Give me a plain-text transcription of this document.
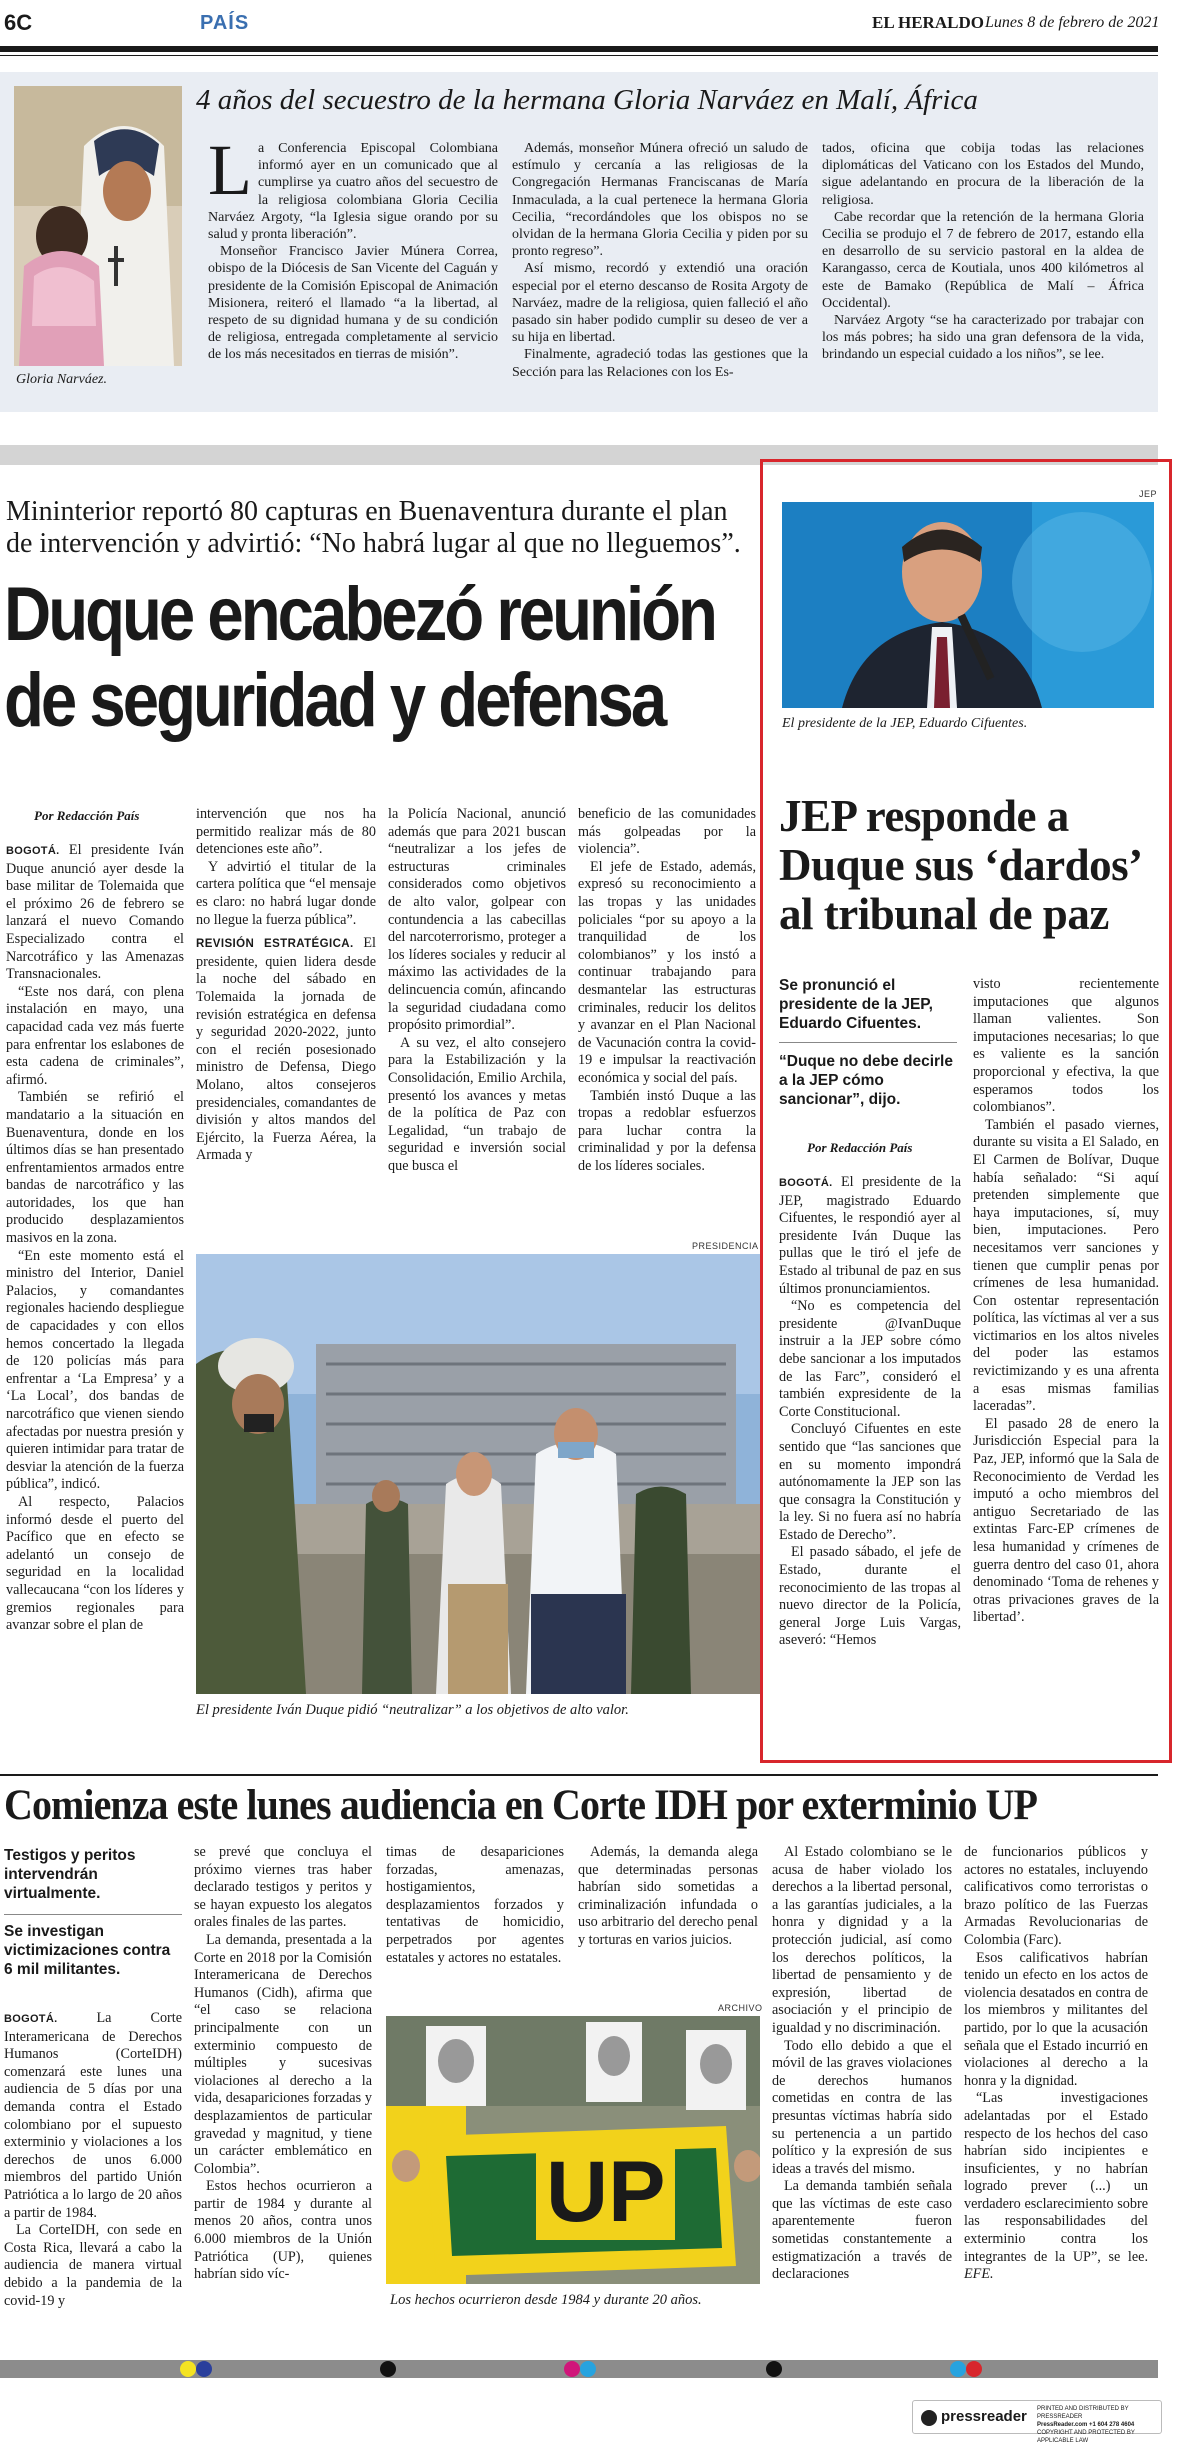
6C	PAÍS	EL HERALDO Lunes 8 de febrero de 2021
Gloria Narváez.
4 años del secuestro de la hermana Gloria Narváez en Malí, África

La Conferencia Episcopal Colombiana informó ayer en un comunicado que al cumplirse ya cuatro años del secuestro de la religiosa colombiana Gloria Cecilia Narváez Argoty, “la Iglesia sigue orando por su salud y pronta liberación”.

Monseñor Francisco Javier Múnera Correa, obispo de la Diócesis de San Vicente del Caguán y presidente de la Comisión Episcopal de Animación Misionera, reiteró el llamado “a la libertad, al respeto de su dignidad humana y de su condición de religiosa, entregada completamente al servicio de los más necesitados en tierras de misión”.

Además, monseñor Múnera ofreció un saludo de estímulo y cercanía a las religiosas de la Congregación Hermanas Franciscanas de María Inmaculada, a la cual pertenece la hermana Gloria Cecilia, “recordándoles que los obispos no se olvidan de la hermana Gloria Cecilia y piden por su pronto regreso”.

Así mismo, recordó y extendió una oración especial por el eterno descanso de Rosita Argoty de Narváez, madre de la religiosa, quien falleció el año pasado sin haber podido cumplir su deseo de ver a su hija en libertad.

Finalmente, agradeció todas las gestiones que la Sección para las Relaciones con los Es-

tados, oficina que cobija todas las relaciones diplomáticas del Vaticano con los Estados del Mundo, sigue adelantando en procura de la liberación de la religiosa.

Cabe recordar que la retención de la hermana Gloria Cecilia se produjo el 7 de febrero de 2017, estando ella en desarrollo de su servicio pastoral en la aldea de Karangasso, cerca de Koutiala, unos 400 kilómetros al este de Bamako (República de Malí – África Occidental).

Narváez Argoty “se ha caracterizado por trabajar con los más pobres; ha sido una gran defensora de la vida, brindando un especial cuidado a los niños”, se lee.

Mininterior reportó 80 capturas en Buenaventura durante el plan de intervención y advirtió: “No habrá lugar al que no lleguemos”.
Duque encabezó reunión
de seguridad y defensa
Por Redacción País

BOGOTÁ. El presidente Iván Duque anunció ayer desde la base militar de Tolemaida que el próximo 26 de febrero se lanzará el nuevo Comando Especializado contra el Narcotráfico y las Amenazas Transnacionales.

“Este nos dará, con plena instalación en mayo, una capacidad cada vez más fuerte para enfrentar los eslabones de esta cadena de criminales”, afirmó.

También se refirió el mandatario a la situación en Buenaventura, donde en los últimos días se han presentado enfrentamientos armados entre bandas de narcotráfico y las autoridades, los que han producido desplazamientos masivos en la zona.

“En este momento está el ministro del Interior, Daniel Palacios, y comandantes regionales haciendo despliegue de capacidades y con ellos hemos concertado la llegada de 120 policías más para enfrentar a ‘La Empresa’ y a ‘La Local’, dos bandas de narcotráfico que vienen siendo afectadas por nuestra presión y quieren intimidar para tratar de desviar la atención de la fuerza pública”, indicó.

Al respecto, Palacios informó desde el puerto del Pacífico que en efecto se adelantó un consejo de seguridad en la localidad vallecaucana “con los líderes y gremios regionales para avanzar sobre el plan de

intervención que nos ha permitido realizar más de 80 detenciones este año”.

Y advirtió el titular de la cartera política que “el mensaje es claro: no habrá lugar donde no llegue la fuerza pública”.

REVISIÓN ESTRATÉGICA. El presidente, quien lidera desde la noche del sábado en Tolemaida la jornada de revisión estratégica en defensa y seguridad 2020-2022, junto con el recién posesionado ministro de Defensa, Diego Molano, altos consejeros presidenciales, comandantes de división y altos mandos del Ejército, la Fuerza Aérea, la Armada y

la Policía Nacional, anunció además que para 2021 buscan “neutralizar a los jefes de estructuras criminales considerados como objetivos de alto valor, golpear con contundencia a las cabecillas del narcoterrorismo, proteger a los líderes sociales y reducir al máximo las actividades de la delincuencia común, afincando la seguridad ciudadana como propósito primordial”.

A su vez, el alto consejero para la Estabilización y la Consolidación, Emilio Archila, presentó los avances y metas de la política de Paz con Legalidad, “un trabajo de seguridad e inversión social que busca el

beneficio de las comunidades más golpeadas por la violencia”.

El jefe de Estado, además, expresó su reconocimiento a las tropas y las unidades policiales “por su apoyo a la tranquilidad de los colombianos” y los instó a continuar trabajando para desmantelar las estructuras criminales, reducir los delitos y avanzar en el Plan Nacional de Vacunación contra la covid-19 e impulsar la reactivación económica y social del país.

También instó Duque a las tropas a redoblar esfuerzos para luchar contra la criminalidad y por la defensa de los líderes sociales.

PRESIDENCIA
El presidente Iván Duque pidió “neutralizar” a los objetivos de alto valor.
JEP
El presidente de la JEP, Eduardo Cifuentes.
JEP responde a
Duque sus ‘dardos’
al tribunal de paz
Se pronunció el presidente de la JEP, Eduardo Cifuentes.
“Duque no debe decirle a la JEP cómo sancionar”, dijo.
Por Redacción País

BOGOTÁ. El presidente de la JEP, magistrado Eduardo Cifuentes, le respondió ayer al presidente Iván Duque las pullas que le tiró el jefe de Estado al tribunal de paz en sus últimos pronunciamientos.

“No es competencia del presidente @IvanDuque instruir a la JEP sobre cómo debe sancionar a los imputados de las Farc”, consideró el también expresidente de la Corte Constitucional.

Concluyó Cifuentes en este sentido que “las sanciones que en su momento impondrá autónomamente la JEP son las que consagra la Constitución y la ley. Si no fuera así no habría Estado de Derecho”.

El pasado sábado, el jefe de Estado, durante el reconocimiento de las tropas al nuevo director de la Policía, general Jorge Luis Vargas, aseveró: “Hemos

visto recientemente imputaciones que algunos llaman valientes. Son imputaciones necesarias; lo que es valiente es la sanción proporcional y efectiva, la que esperamos todos los colombianos”.

También el pasado viernes, durante su visita a El Salado, en El Carmen de Bolívar, Duque había señalado: “Si aquí pretenden simplemente que haya imputaciones, sí, muy bien, imputaciones. Pero necesitamos verr sanciones y tienen que cumplir penas por crímenes de lesa humanidad. Con ostentar representación política, las víctimas al ver a sus victimarios en los altos niveles del poder las estamos revictimizando y es una afrenta a esas mismas familias laceradas”.

El pasado 28 de enero la Jurisdicción Especial para la Paz, JEP, informó que la Sala de Reconocimiento de Verdad les imputó a ocho miembros del antiguo Secretariado de las extintas Farc-EP crímenes de lesa humanidad y crímenes de guerra dentro del caso 01, ahora denominado ‘Toma de rehenes y otras privaciones graves de la libertad’.

Comienza este lunes audiencia en Corte IDH por exterminio UP
Testigos y peritos intervendrán virtualmente.
Se investigan victimizaciones contra 6 mil militantes.

BOGOTÁ.	La Corte Interamericana de Derechos Humanos (CorteIDH) comenzará este lunes una audiencia de 5 días por una demanda contra el Estado colombiano por el supuesto exterminio y violaciones a los derechos de unos 6.000 miembros del partido Unión Patriótica a lo largo de 20 años a partir de 1984.

La CorteIDH, con sede en Costa Rica, llevará a cabo la audiencia de manera virtual debido a la pandemia de la covid-19 y

se prevé que concluya el próximo viernes tras haber declarado testigos y peritos y se hayan expuesto los alegatos orales finales de las partes.

La demanda, presentada a la Corte en 2018 por la Comisión Interamericana de Derechos Humanos (Cidh), afirma que “el caso se relaciona principalmente con un exterminio compuesto de múltiples y sucesivas violaciones al derecho a la vida, desapariciones forzadas y desplazamientos de particular gravedad y magnitud, y tiene un carácter emblemático en Colombia”.

Estos hechos ocurrieron a partir de 1984 y durante al menos 20 años, contra unos 6.000 miembros de la Unión Patriótica (UP), quienes habrían sido víc-

timas de desapariciones forzadas, amenazas, hostigamientos, desplazamientos forzados y tentativas de homicidio, perpetrados por agentes estatales y actores no estatales.

Además, la demanda alega que determinadas personas habrían sido sometidas a criminalización infundada o uso arbitrario del derecho penal y torturas en varios juicios.

Al Estado colombiano se le acusa de haber violado los derechos a la libertad personal, a las garantías judiciales, a la honra y dignidad y a la protección judicial, así como los derechos políticos, la libertad de pensamiento y de expresión, libertad de asociación y el principio de igualdad y no discriminación.

Todo ello debido a que el móvil de las graves violaciones de derechos humanos cometidas en contra de las presuntas víctimas habría sido su pertenencia a un partido político y la expresión de sus ideas a través del mismo.

La demanda también señala que las víctimas de este caso aparentemente fueron sometidas constantemente a estigmatización a través de declaraciones

de funcionarios públicos y actores no estatales, incluyendo calificativos como terroristas o brazo político de las Fuerzas Armadas Revolucionarias de Colombia (Farc).

Esos calificativos habrían tenido un efecto en los actos de violencia desatados en contra de los miembros y militantes del partido, por lo que la acusación señala que el Estado incurrió en violaciones al derecho a la honra y la dignidad.

“Las investigaciones adelantadas por el Estado respecto de los hechos del caso habrían sido incipientes e insuficientes, y no habrían logrado prever (...) un verdadero esclarecimiento sobre las responsabilidades del exterminio contra los integrantes de la UP”, se lee. EFE.

ARCHIVO
UP
Los hechos ocurrieron desde 1984 y durante 20 años.
pressreader PRINTED AND DISTRIBUTED BY PRESSREADER
PressReader.com +1 604 278 4604
COPYRIGHT AND PROTECTED BY APPLICABLE LAW
